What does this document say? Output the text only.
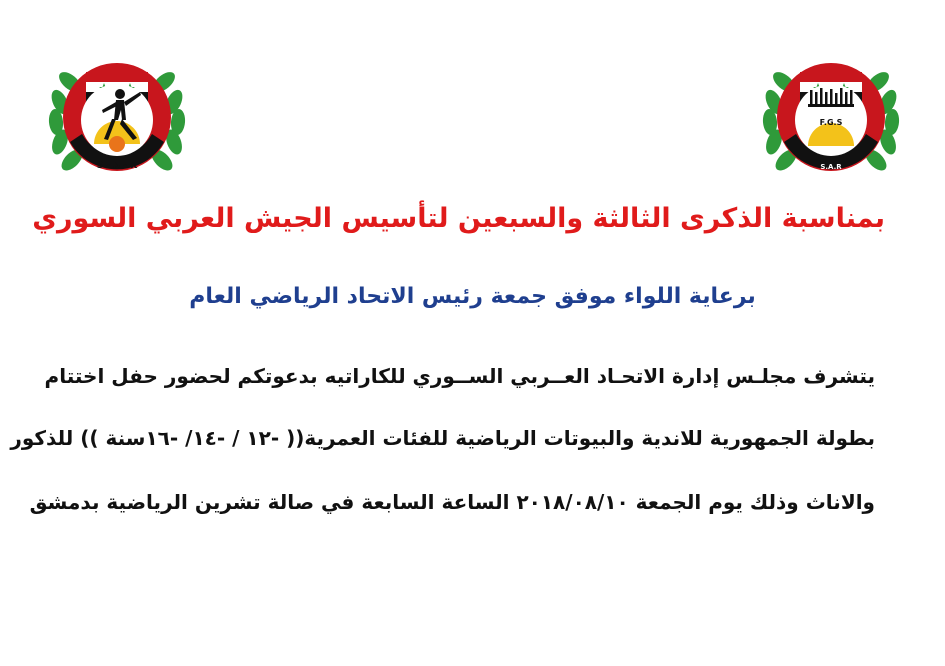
S - A - K
F.G.S
S.A.R
بمناسبة الذكرى الثالثة والسبعين لتأسيس الجيش العربي السوري
برعاية اللواء موفق جمعة رئيس الاتحاد الرياضي العام
يتشرف مجلـس إدارة الاتحـاد العــربي الســوري للكاراتيه بدعوتكم لحضور حفل اختتام
بطولة الجمهورية للاندية والبيوتات الرياضية للفئات العمرية(( -١٢ / -١٤/ -١٦سنة )) للذكور
والاناث وذلك يوم الجمعة ٢٠١٨/٠٨/١٠ الساعة السابعة في صالة تشرين الرياضية بدمشق
